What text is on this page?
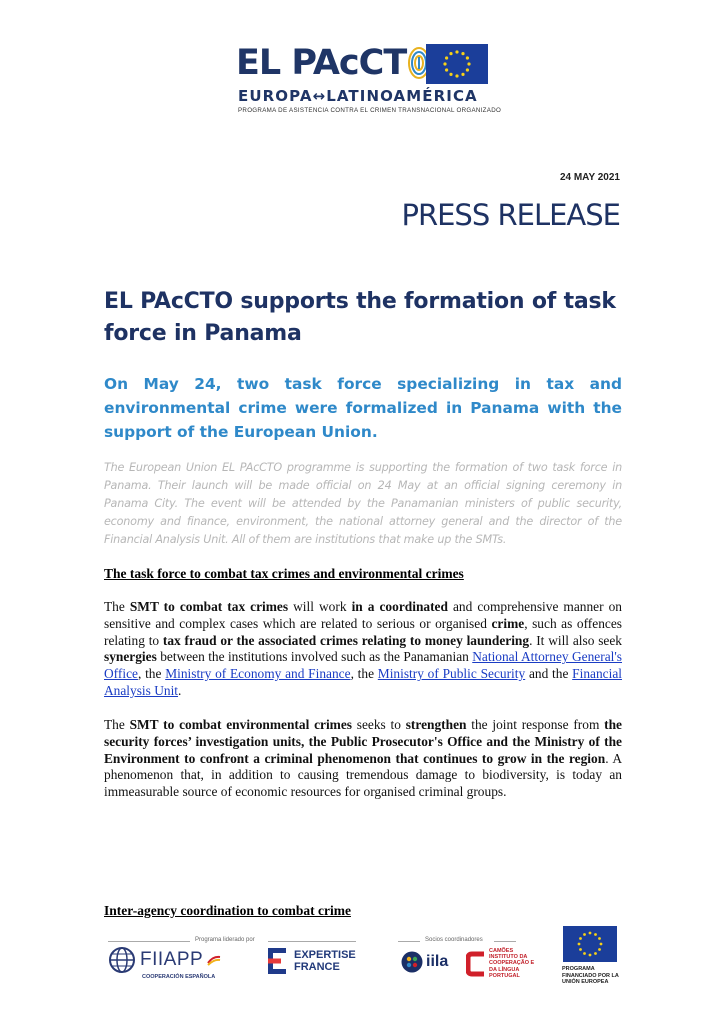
EL PAcCT
EUROPA↔LATINOAMÉRICA
PROGRAMA DE ASISTENCIA CONTRA EL CRIMEN TRANSNACIONAL ORGANIZADO
24 MAY 2021
PRESS RELEASE
EL PAcCTO supports the formation of task force in Panama
On May 24, two task force specializing in tax and environmental crime were formalized in Panama with the support of the European Union.

The European Union EL PAcCTO programme is supporting the formation of two task force in Panama. Their launch will be made official on 24 May at an official signing ceremony in Panama City. The event will be attended by the Panamanian ministers of public security, economy and finance, environment, the national attorney general and the director of the Financial Analysis Unit. All of them are institutions that make up the SMTs.

The task force to combat tax crimes and environmental crimes

The SMT to combat tax crimes will work in a coordinated and comprehensive manner on sensitive and complex cases which are related to serious or organised crime, such as offences relating to tax fraud or the associated crimes relating to money laundering. It will also seek synergies between the institutions involved such as the Panamanian National Attorney General's Office, the Ministry of Economy and Finance, the Ministry of Public Security and the Financial Analysis Unit.

The SMT to combat environmental crimes seeks to strengthen the joint response from the security forces’ investigation units, the Public Prosecutor's Office and the Ministry of the Environment to confront a criminal phenomenon that continues to grow in the region. A phenomenon that, in addition to causing tremendous damage to biodiversity, is today an immeasurable source of economic resources for organised criminal groups.

Inter-agency coordination to combat crime
Programa liderado por
FIIAPP
COOPERACIÓN ESPAÑOLA
EXPERTISE FRANCE
Socios coordinadores
iila
CAMÕES INSTITUTO DA COOPERAÇÃO E DA LÍNGUA PORTUGAL
PROGRAMA FINANCIADO POR LA UNIÓN EUROPEA
